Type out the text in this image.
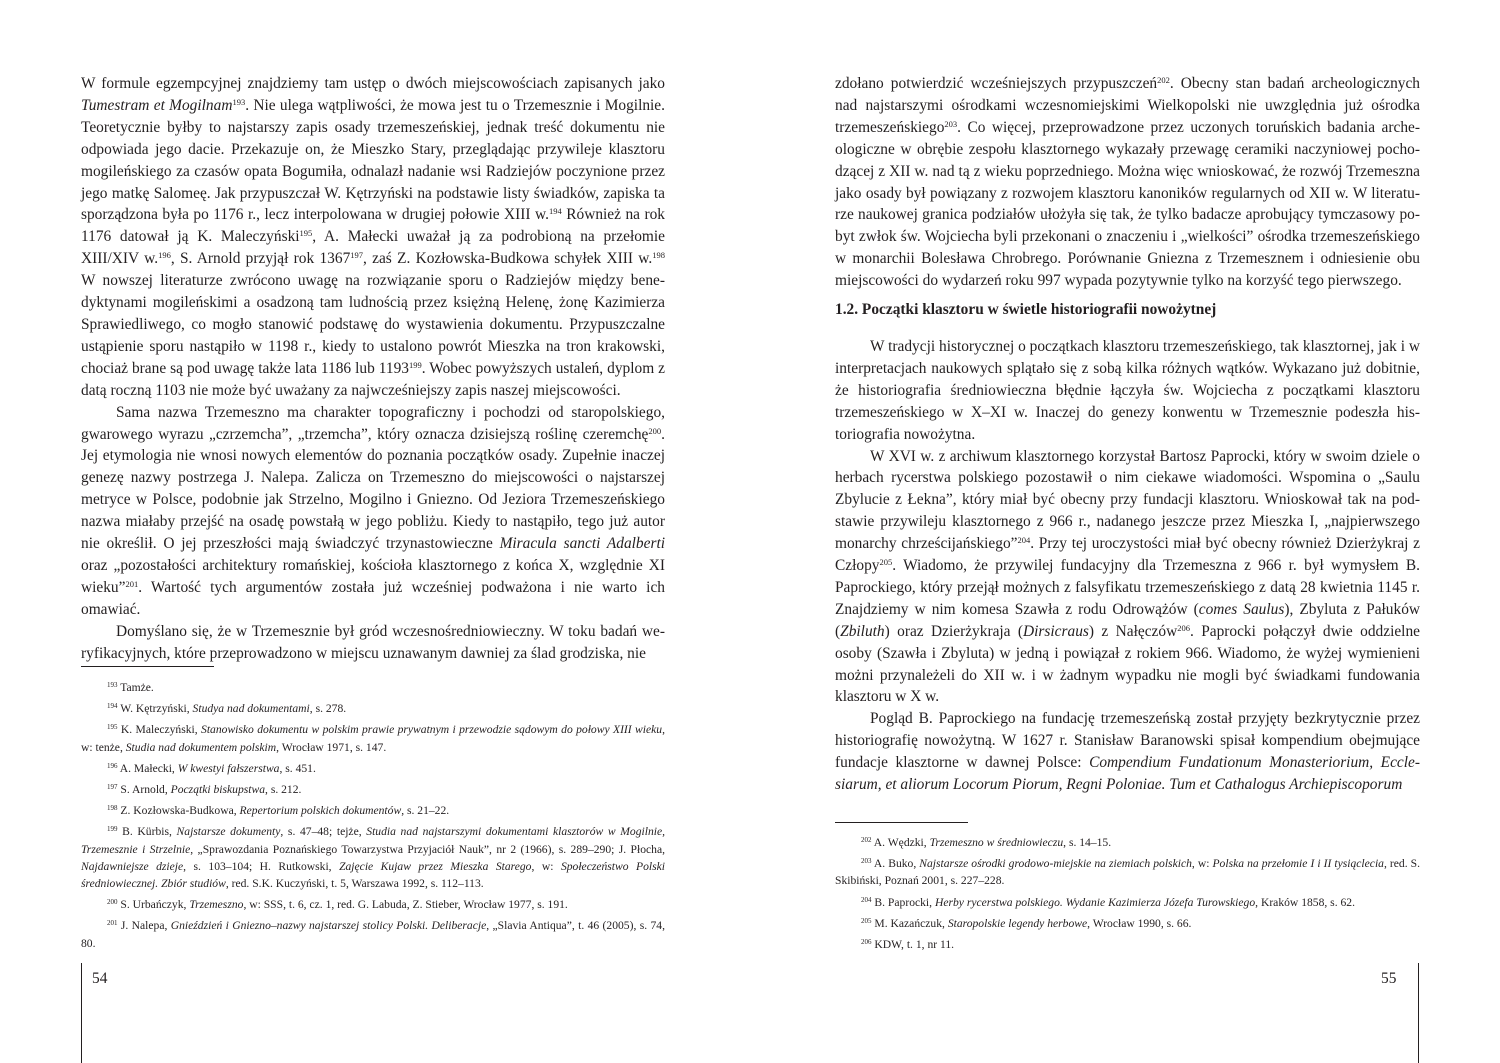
W formule egzempcyjnej znajdziemy tam ustęp o dwóch miejscowościach zapisanych jako Tumestram et Mogilnam$^{193}$. Nie ulega wątpliwości, że mowa jest tu o Trzemesznie i Mogilnie. Teoretycznie byłby to najstarszy zapis osady trzemeszeńskiej, jednak treść dokumentu nie odpowiada jego dacie. Przekazuje on, że Mieszko Stary, przeglądając przywileje klasztoru mogileńskiego za czasów opata Bogumiła, odnalazł nadanie wsi Radziejów poczynione przez jego matkę Salomeę. Jak przypuszczał W. Kętrzyński na podstawie listy świadków, zapiska ta sporządzona była po 1176 r., lecz interpolowana w drugiej połowie XIII w.$^{194}$ Również na rok 1176 datował ją K. Maleczyński$^{195}$, A. Małecki uważał ją za podrobioną na przełomie XIII/XIV w.$^{196}$, S. Arnold przyjął rok 1367$^{197}$, zaś Z. Kozłowska-Budkowa schyłek XIII w.$^{198}$ W nowszej literaturze zwrócono uwagę na rozwiązanie sporu o Radziejów między benedyktynami mogileńskimi a osadzoną tam ludnością przez księżną Helenę, żonę Kazimierza Sprawiedliwego, co mogło stanowić podstawę do wystawienia dokumentu. Przypuszczalne ustąpienie sporu nastąpiło w 1198 r., kiedy to ustalono powrót Mieszka na tron krakowski, chociaż brane są pod uwagę także lata 1186 lub 1193$^{199}$. Wobec powyższych ustaleń, dyplom z datą roczną 1103 nie może być uważany za najwcześniejszy zapis naszej miejscowości.

Sama nazwa Trzemeszno ma charakter topograficzny i pochodzi od staropolskiego, gwarowego wyrazu „czrzemcha”, „trzemcha”, który oznacza dzisiejszą roślinę czeremchę$^{200}$. Jej etymologia nie wnosi nowych elementów do poznania początków osady. Zupełnie inaczej genezę nazwy postrzega J. Nalepa. Zalicza on Trzemeszno do miejscowości o najstarszej metryce w Polsce, podobnie jak Strzelno, Mogilno i Gniezno. Od Jeziora Trzemeszeńskiego nazwa miałaby przejść na osadę powstałą w jego pobliżu. Kiedy to nastąpiło, tego już autor nie określił. O jej przeszłości mają świadczyć trzynastowieczne Miracula sancti Adalberti oraz „pozostałości architektury romańskiej, kościoła klasztornego z końca X, względnie XI wieku”$^{201}$. Wartość tych argumentów została już wcześniej podważona i nie warto ich omawiać.

Domyślano się, że w Trzemesznie był gród wczesnośredniowieczny. W toku badań weryfikacyjnych, które przeprowadzono w miejscu uznawanym dawniej za ślad grodziska, nie

$^{193}$ Tamże.

$^{194}$ W. Kętrzyński, Studya nad dokumentami, s. 278.

$^{195}$ K. Maleczyński, Stanowisko dokumentu w polskim prawie prywatnym i przewodzie sądowym do połowy XIII wieku, w: tenże, Studia nad dokumentem polskim, Wrocław 1971, s. 147.

$^{196}$ A. Małecki, W kwestyi fałszerstwa, s. 451.

$^{197}$ S. Arnold, Początki biskupstwa, s. 212.

$^{198}$ Z. Kozłowska-Budkowa, Repertorium polskich dokumentów, s. 21–22.

$^{199}$ B. Kürbis, Najstarsze dokumenty, s. 47–48; tejże, Studia nad najstarszymi dokumentami klasztorów w Mogilnie, Trzemesznie i Strzelnie, „Sprawozdania Poznańskiego Towarzystwa Przyjaciół Nauk”, nr 2 (1966), s. 289–290; J. Płocha, Najdawniejsze dzieje, s. 103–104; H. Rutkowski, Zajęcie Kujaw przez Mieszka Starego, w: Społeczeństwo Polski średniowiecznej. Zbiór studiów, red. S.K. Kuczyński, t. 5, Warszawa 1992, s. 112–113.

$^{200}$ S. Urbańczyk, Trzemeszno, w: SSS, t. 6, cz. 1, red. G. Labuda, Z. Stieber, Wrocław 1977, s. 191.

$^{201}$ J. Nalepa, Gnieździeń i Gniezno–nazwy najstarszej stolicy Polski. Deliberacje, „Slavia Antiqua”, t. 46 (2005), s. 74, 80.

54

zdołano potwierdzić wcześniejszych przypuszczeń$^{202}$. Obecny stan badań archeologicznych nad najstarszymi ośrodkami wczesnomiejskimi Wielkopolski nie uwzględnia już ośrodka trzemeszeńskiego$^{203}$. Co więcej, przeprowadzone przez uczonych toruńskich badania archeologiczne w obrębie zespołu klasztornego wykazały przewagę ceramiki naczyniowej pochodzącej z XII w. nad tą z wieku poprzedniego. Można więc wnioskować, że rozwój Trzemeszna jako osady był powiązany z rozwojem klasztoru kanoników regularnych od XII w. W literaturze naukowej granica podziałów ułożyła się tak, że tylko badacze aprobujący tymczasowy pobyt zwłok św. Wojciecha byli przekonani o znaczeniu i „wielkości” ośrodka trzemeszeńskiego w monarchii Bolesława Chrobrego. Porównanie Gniezna z Trzemesznem i odniesienie obu miejscowości do wydarzeń roku 997 wypada pozytywnie tylko na korzyść tego pierwszego.

1.2. Początki klasztoru w świetle historiografii nowożytnej

W tradycji historycznej o początkach klasztoru trzemeszeńskiego, tak klasztornej, jak i w interpretacjach naukowych splątało się z sobą kilka różnych wątków. Wykazano już dobitnie, że historiografia średniowieczna błędnie łączyła św. Wojciecha z początkami klasztoru trzemeszeńskiego w X–XI w. Inaczej do genezy konwentu w Trzemesznie podeszła historiografia nowożytna.

W XVI w. z archiwum klasztornego korzystał Bartosz Paprocki, który w swoim dziele o herbach rycerstwa polskiego pozostawił o nim ciekawe wiadomości. Wspomina o „Saulu Zbylucie z Łekna”, który miał być obecny przy fundacji klasztoru. Wnioskował tak na podstawie przywileju klasztornego z 966 r., nadanego jeszcze przez Mieszka I, „najpierwszego monarchy chrześcijańskiego”$^{204}$. Przy tej uroczystości miał być obecny również Dzierżykraj z Człopy$^{205}$. Wiadomo, że przywilej fundacyjny dla Trzemeszna z 966 r. był wymysłem B. Paprockiego, który przejął możnych z falsyfikatu trzemeszeńskiego z datą 28 kwietnia 1145 r. Znajdziemy w nim komesa Szawła z rodu Odrowążów (comes Saulus), Zbyluta z Pałuków (Zbiluth) oraz Dzierżykraja (Dirsicraus) z Nałęczów$^{206}$. Paprocki połączył dwie oddzielne osoby (Szawła i Zbyluta) w jedną i powiązał z rokiem 966. Wiadomo, że wyżej wymienieni możni przynależeli do XII w. i w żadnym wypadku nie mogli być świadkami fundowania klasztoru w X w.

Pogląd B. Paprockiego na fundację trzemeszeńską został przyjęty bezkrytycznie przez historiografię nowożytną. W 1627 r. Stanisław Baranowski spisał kompendium obejmujące fundacje klasztorne w dawnej Polsce: Compendium Fundationum Monasteriorium, Ecclesiarum, et aliorum Locorum Piorum, Regni Poloniae. Tum et Cathalogus Archiepiscoporum

$^{202}$ A. Wędzki, Trzemeszno w średniowieczu, s. 14–15.

$^{203}$ A. Buko, Najstarsze ośrodki grodowo-miejskie na ziemiach polskich, w: Polska na przełomie I i II tysiąclecia, red. S. Skibiński, Poznań 2001, s. 227–228.

$^{204}$ B. Paprocki, Herby rycerstwa polskiego. Wydanie Kazimierza Józefa Turowskiego, Kraków 1858, s. 62.

$^{205}$ M. Kazańczuk, Staropolskie legendy herbowe, Wrocław 1990, s. 66.

$^{206}$ KDW, t. 1, nr 11.

55
